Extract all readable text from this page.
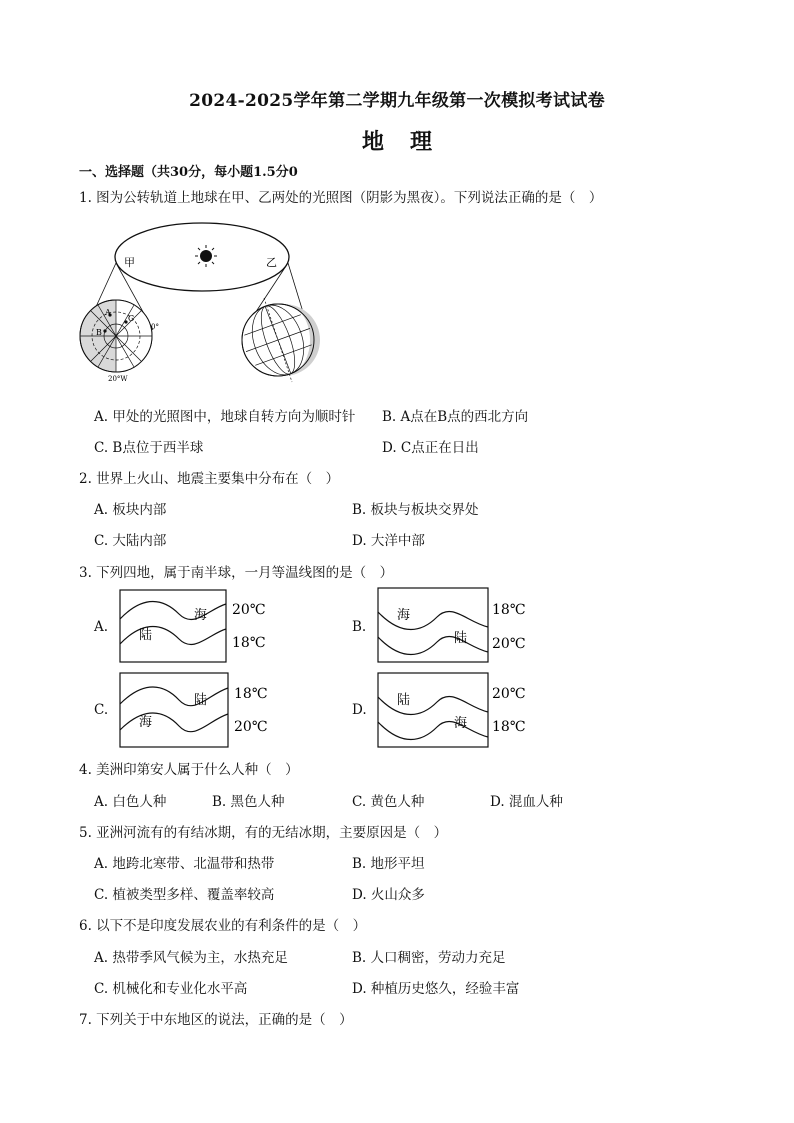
2024-2025学年第二学期九年级第一次模拟考试试卷
地理
一、选择题（共30分，每小题1.5分0
1. 图为公转轨道上地球在甲、乙两处的光照图（阴影为黑夜）。下列说法正确的是（　）
甲	乙
A
B
C
0°
20°W
A. 甲处的光照图中，地球自转方向为顺时针 B. A点在B点的西北方向
C. B点位于西半球	D. C点正在日出
2. 世界上火山、地震主要集中分布在（　）
A. 板块内部	B. 板块与板块交界处
C. 大陆内部	D. 大洋中部
3. 下列四地，属于南半球，一月等温线图的是（　）
A.
海
陆
20℃
18℃
B.
海
陆
18℃
20℃
C.
陆
海
18℃
20℃
D.
陆
海
20℃
18℃
4. 美洲印第安人属于什么人种（　）
A. 白色人种	B. 黑色人种	C. 黄色人种	D. 混血人种
5. 亚洲河流有的有结冰期，有的无结冰期，主要原因是（　）
A. 地跨北寒带、北温带和热带	B. 地形平坦
C. 植被类型多样、覆盖率较高	D. 火山众多
6. 以下不是印度发展农业的有利条件的是（　）
A. 热带季风气候为主，水热充足	B. 人口稠密，劳动力充足
C. 机械化和专业化水平高	D. 种植历史悠久，经验丰富
7. 下列关于中东地区的说法，正确的是（　）
